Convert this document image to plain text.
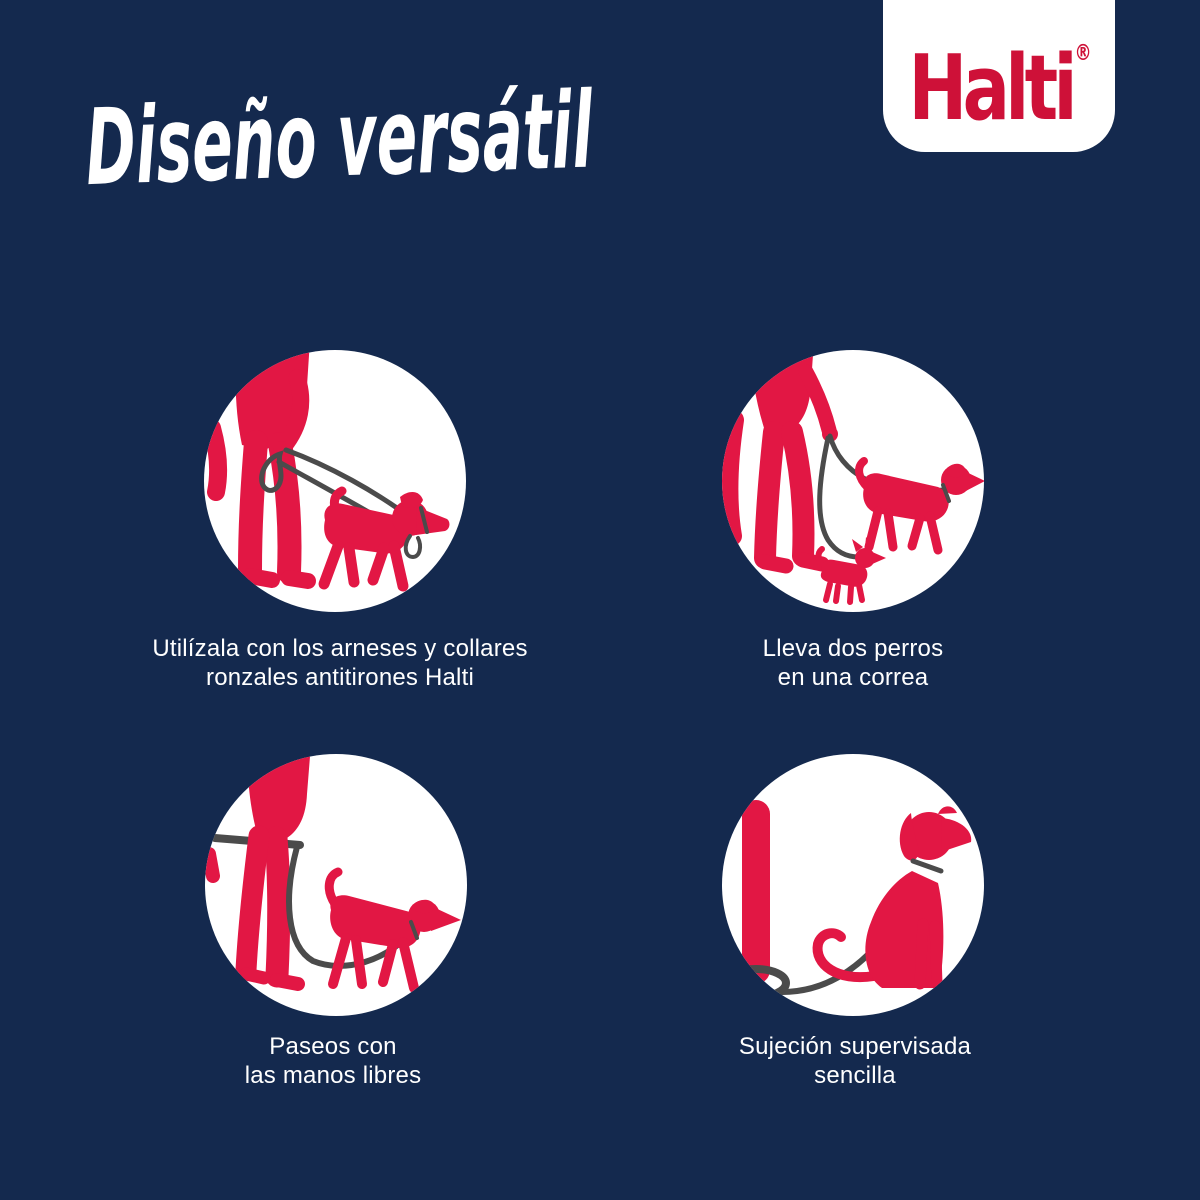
Diseño versátil	Halti®
Utilízala con los arneses y collares
ronzales antitirones Halti
Lleva dos perros
en una correa
Paseos con
las manos libres
Sujeción supervisada
sencilla
